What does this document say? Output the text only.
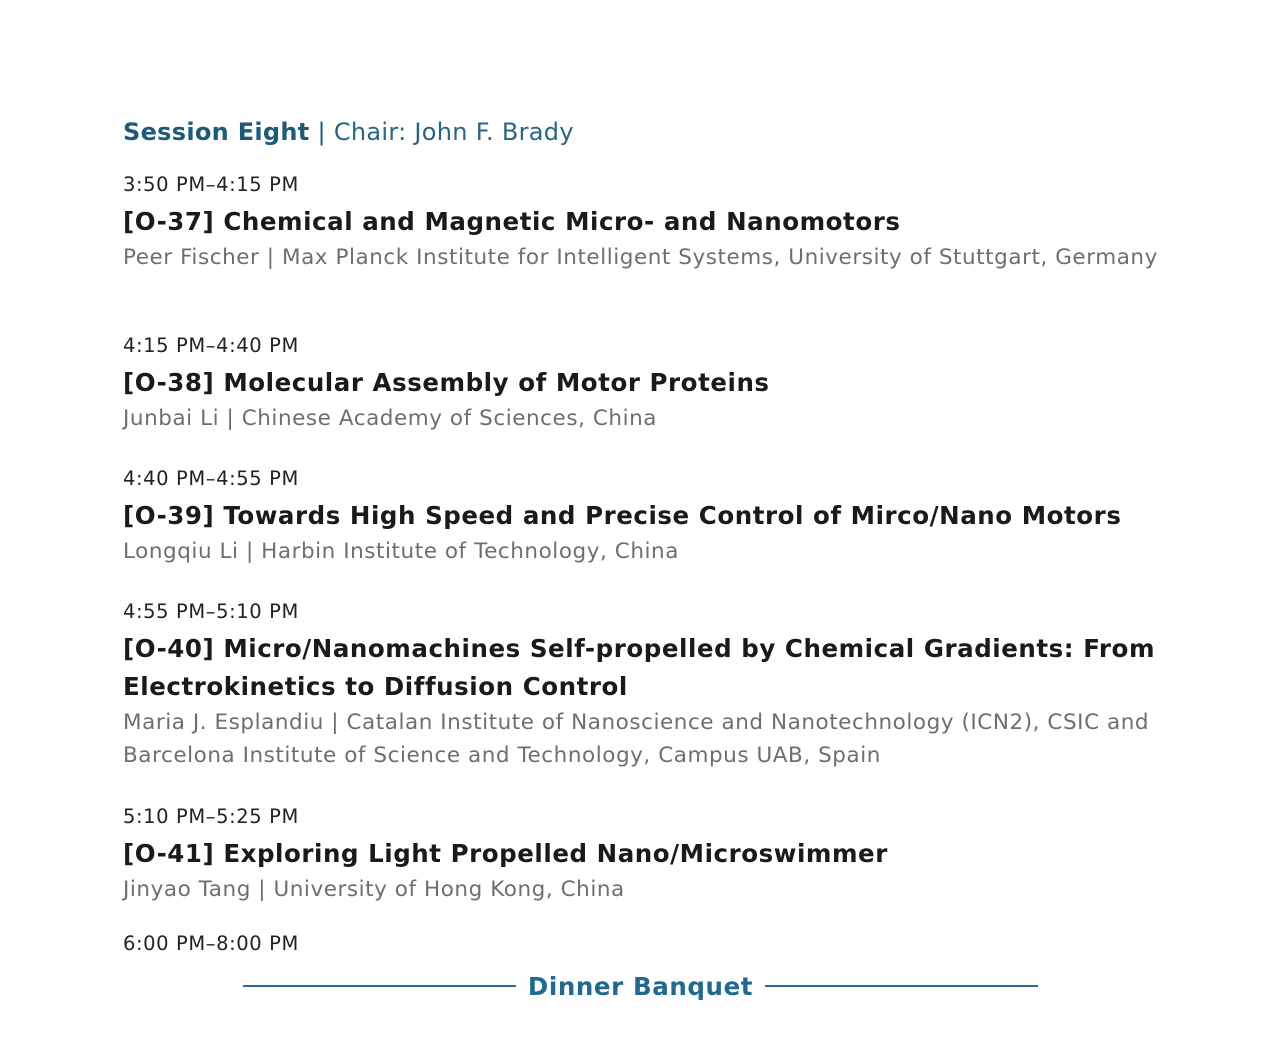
Session Eight | Chair: John F. Brady
3:50 PM–4:15 PM
[O-37] Chemical and Magnetic Micro- and Nanomotors
Peer Fischer | Max Planck Institute for Intelligent Systems, University of Stuttgart, Germany
4:15 PM–4:40 PM
[O-38] Molecular Assembly of Motor Proteins
Junbai Li | Chinese Academy of Sciences, China
4:40 PM–4:55 PM
[O-39] Towards High Speed and Precise Control of Mirco/Nano Motors
Longqiu Li | Harbin Institute of Technology, China
4:55 PM–5:10 PM
[O-40] Micro/Nanomachines Self-propelled by Chemical Gradients: From Electrokinetics to Diffusion Control
Maria J. Esplandiu | Catalan Institute of Nanoscience and Nanotechnology (ICN2), CSIC and Barcelona Institute of Science and Technology, Campus UAB, Spain
5:10 PM–5:25 PM
[O-41] Exploring Light Propelled Nano/Microswimmer
Jinyao Tang | University of Hong Kong, China
6:00 PM–8:00 PM
Dinner Banquet
